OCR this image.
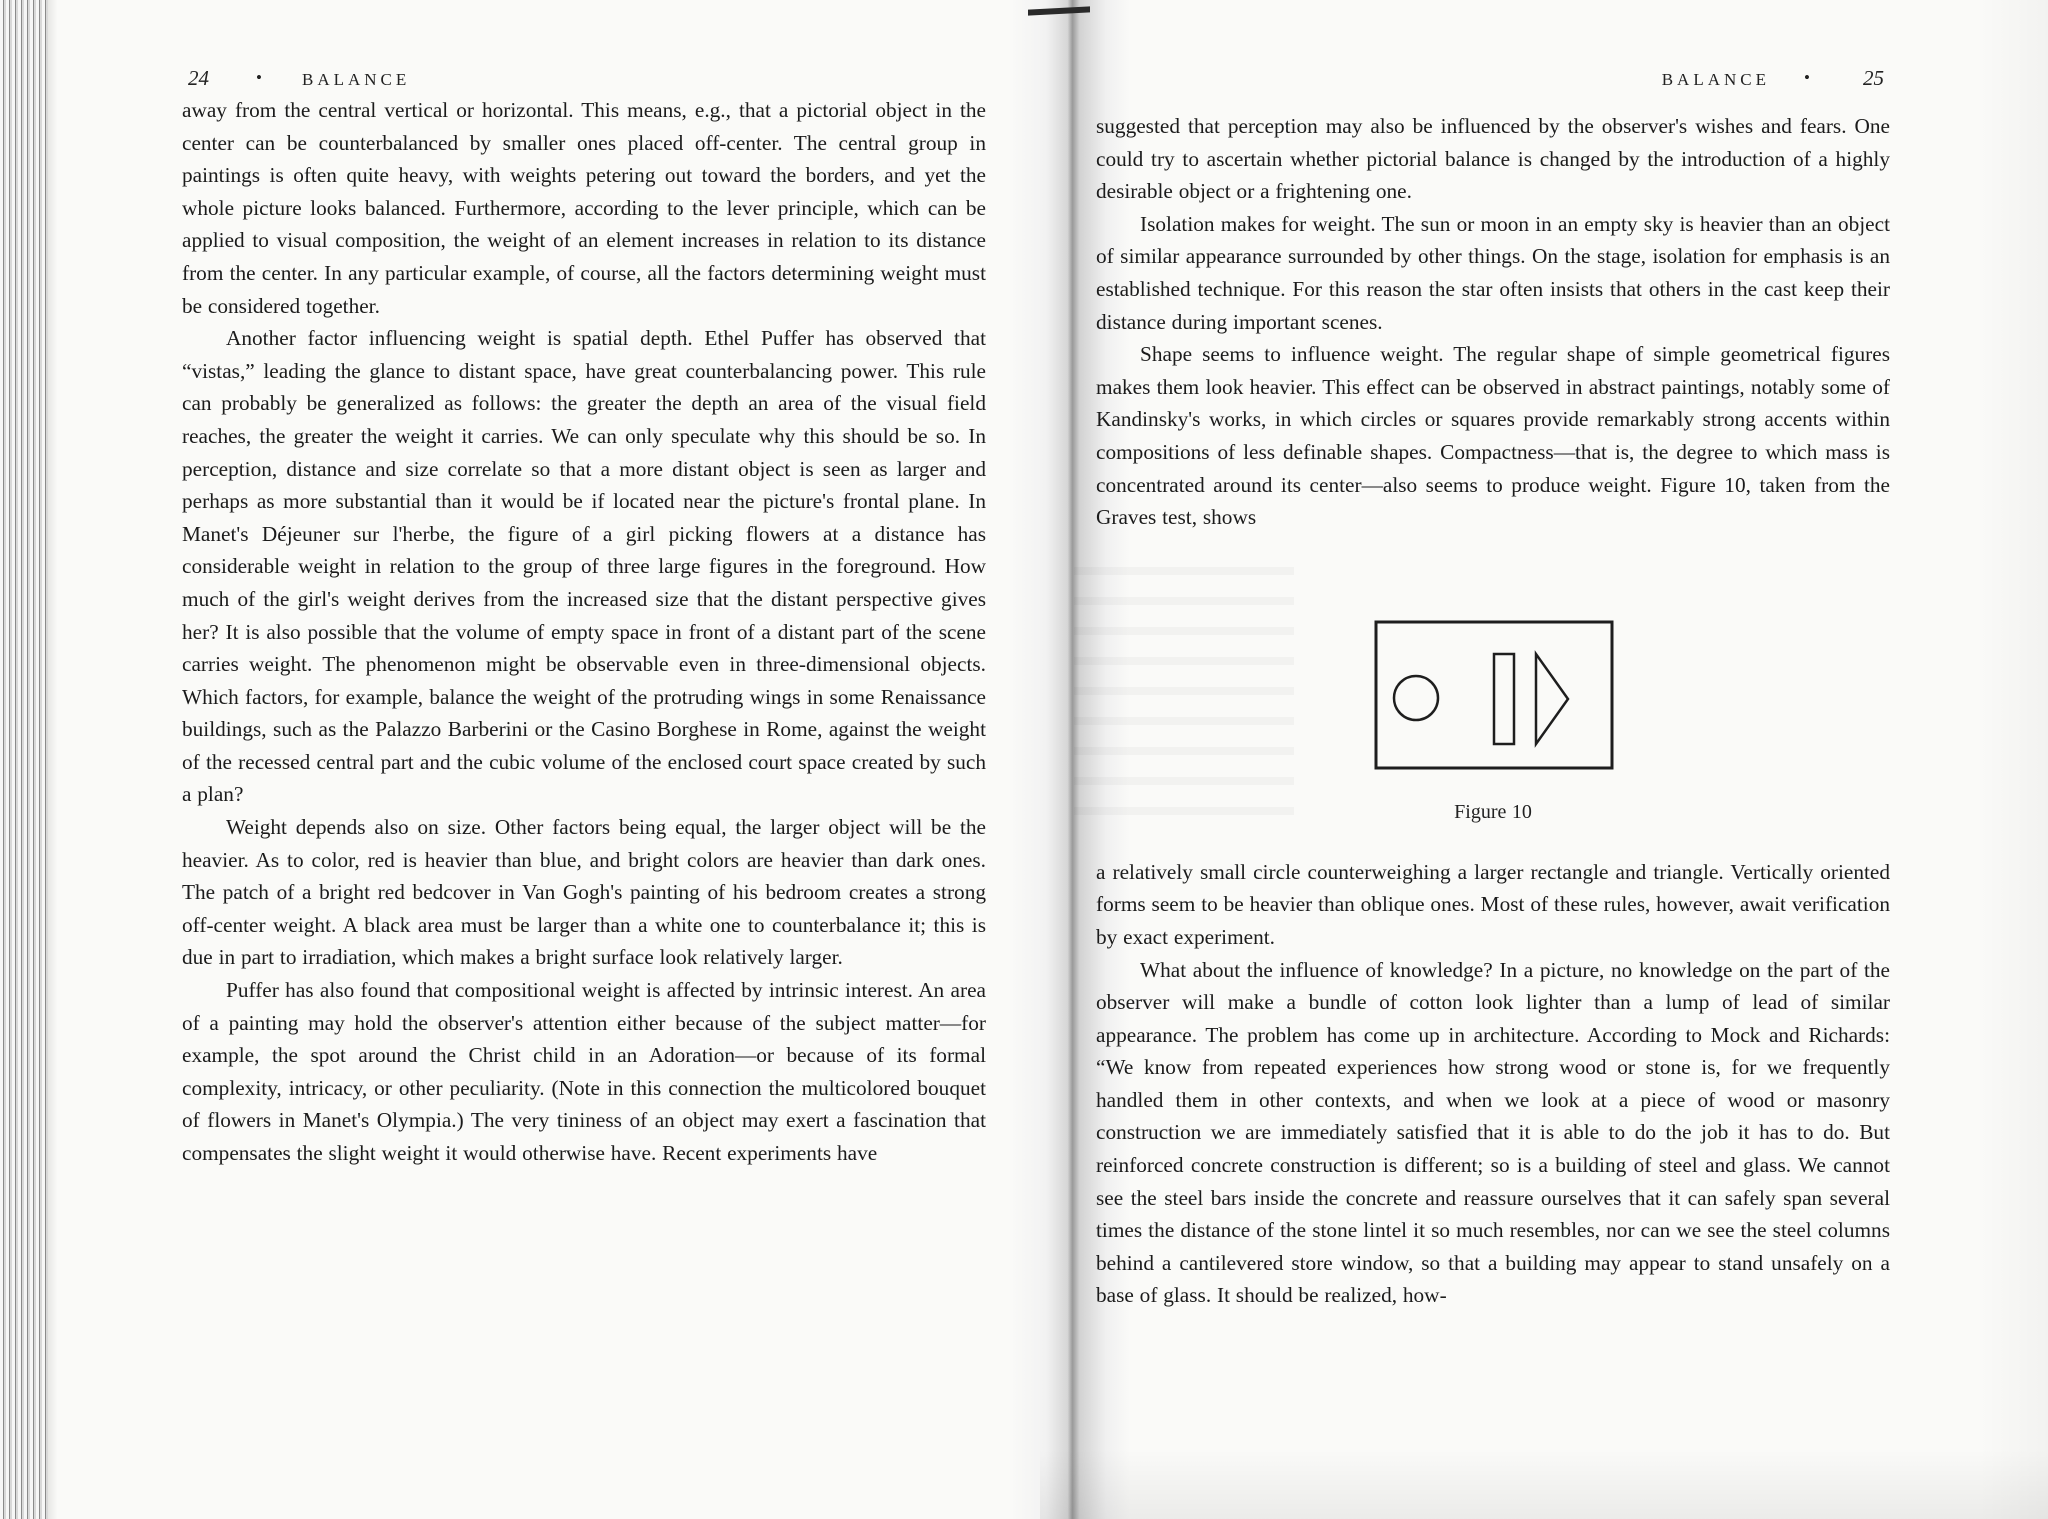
24	• BALANCE

away from the central vertical or horizontal. This means, e.g., that a pictorial object in the center can be counterbalanced by smaller ones placed off-center. The central group in paintings is often quite heavy, with weights petering out toward the borders, and yet the whole picture looks balanced. Furthermore, according to the lever principle, which can be applied to visual composition, the weight of an element increases in relation to its distance from the center. In any particular example, of course, all the factors determining weight must be considered together.

Another factor influencing weight is spatial depth. Ethel Puffer has observed that “vistas,” leading the glance to distant space, have great counterbalancing power. This rule can probably be generalized as follows: the greater the depth an area of the visual field reaches, the greater the weight it carries. We can only speculate why this should be so. In perception, distance and size correlate so that a more distant object is seen as larger and perhaps as more substantial than it would be if located near the picture's frontal plane. In Manet's Déjeuner sur l'herbe, the figure of a girl picking flowers at a distance has considerable weight in relation to the group of three large figures in the foreground. How much of the girl's weight derives from the increased size that the distant perspective gives her? It is also possible that the volume of empty space in front of a distant part of the scene carries weight. The phenomenon might be observable even in three-dimensional objects. Which factors, for example, balance the weight of the protruding wings in some Renaissance buildings, such as the Palazzo Barberini or the Casino Borghese in Rome, against the weight of the recessed central part and the cubic volume of the enclosed court space created by such a plan?

Weight depends also on size. Other factors being equal, the larger object will be the heavier. As to color, red is heavier than blue, and bright colors are heavier than dark ones. The patch of a bright red bedcover in Van Gogh's painting of his bedroom creates a strong off-center weight. A black area must be larger than a white one to counterbalance it; this is due in part to irradiation, which makes a bright surface look relatively larger.

Puffer has also found that compositional weight is affected by intrinsic interest. An area of a painting may hold the observer's attention either because of the subject matter—for example, the spot around the Christ child in an Adoration—or because of its formal complexity, intricacy, or other peculiarity. (Note in this connection the multicolored bouquet of flowers in Manet's Olympia.) The very tininess of an object may exert a fascination that compensates the slight weight it would otherwise have. Recent experiments have

BALANCE • 25

suggested that perception may also be influenced by the observer's wishes and fears. One could try to ascertain whether pictorial balance is changed by the introduction of a highly desirable object or a frightening one.

Isolation makes for weight. The sun or moon in an empty sky is heavier than an object of similar appearance surrounded by other things. On the stage, isolation for emphasis is an established technique. For this reason the star often insists that others in the cast keep their distance during important scenes.

Shape seems to influence weight. The regular shape of simple geometrical figures makes them look heavier. This effect can be observed in abstract paintings, notably some of Kandinsky's works, in which circles or squares provide remarkably strong accents within compositions of less definable shapes. Compactness—that is, the degree to which mass is concentrated around its center—also seems to produce weight. Figure 10, taken from the Graves test, shows

Figure 10

a relatively small circle counterweighing a larger rectangle and triangle. Vertically oriented forms seem to be heavier than oblique ones. Most of these rules, however, await verification by exact experiment.

What about the influence of knowledge? In a picture, no knowledge on the part of the observer will make a bundle of cotton look lighter than a lump of lead of similar appearance. The problem has come up in architecture. According to Mock and Richards: “We know from repeated experiences how strong wood or stone is, for we frequently handled them in other contexts, and when we look at a piece of wood or masonry construction we are immediately satisfied that it is able to do the job it has to do. But reinforced concrete construction is different; so is a building of steel and glass. We cannot see the steel bars inside the concrete and reassure ourselves that it can safely span several times the distance of the stone lintel it so much resembles, nor can we see the steel columns behind a cantilevered store window, so that a building may appear to stand unsafely on a base of glass. It should be realized, how-
